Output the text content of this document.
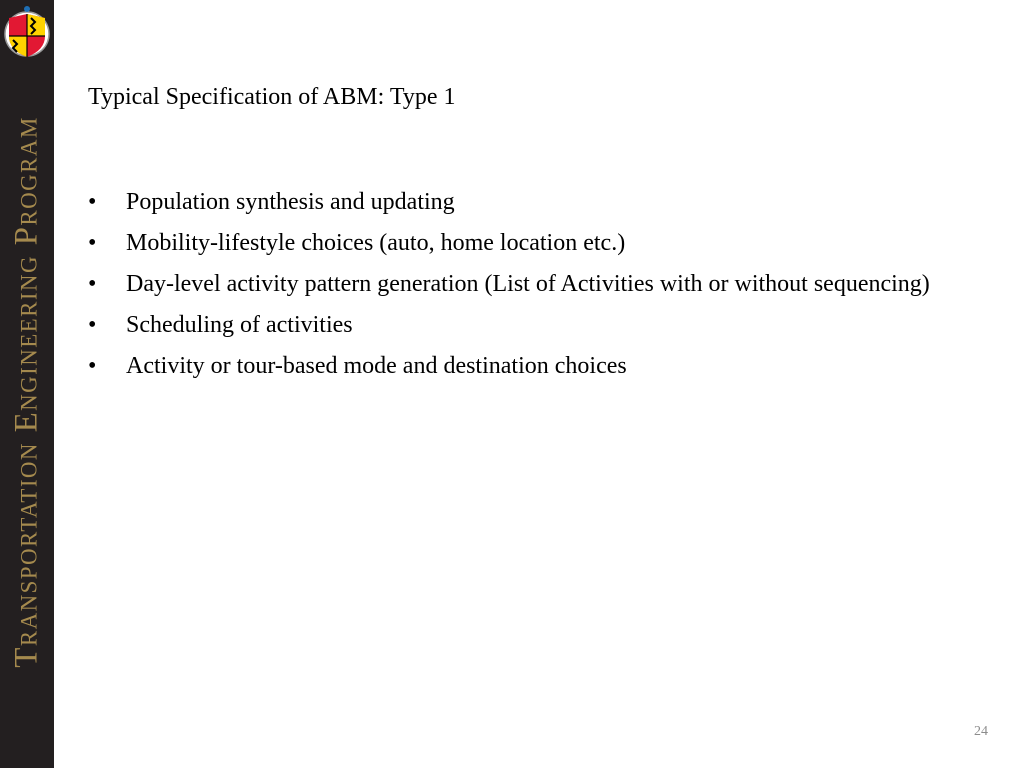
Transportation Engineering Program
Typical Specification of ABM: Type 1
• Population synthesis and updating
• Mobility-lifestyle choices (auto, home location etc.)
• Day-level activity pattern generation (List of Activities with or without sequencing)
• Scheduling of activities
• Activity or tour-based mode and destination choices
24
